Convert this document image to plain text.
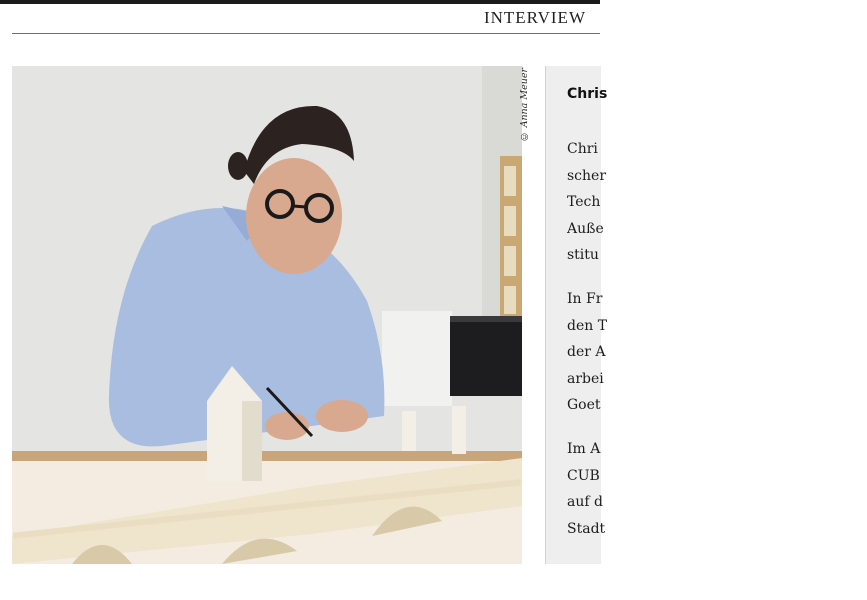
INTERVIEW
© Anna Meuer	Chris
Chri
scher
Tech
Auße
stitu
In Fr
den T
der A
arbei
Goet
Im A
CUB
auf d
Stadt
